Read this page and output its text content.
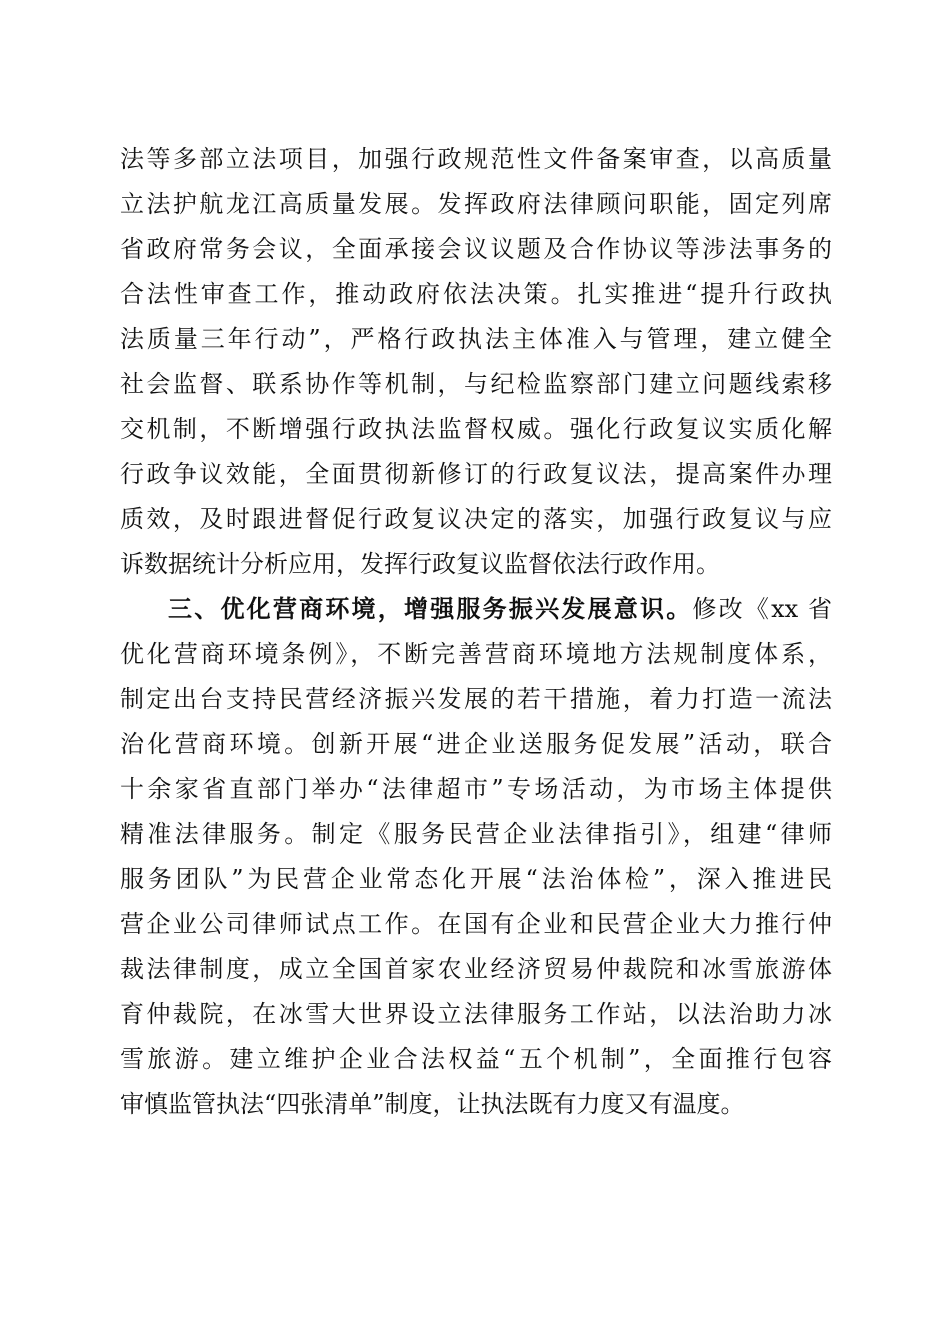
法等多部立法项目，加强行政规范性文件备案审查，以高质量
立法护航龙江高质量发展。发挥政府法律顾问职能，固定列席
省政府常务会议，全面承接会议议题及合作协议等涉法事务的
合法性审查工作，推动政府依法决策。扎实推进“提升行政执
法质量三年行动”，严格行政执法主体准入与管理，建立健全
社会监督、联系协作等机制，与纪检监察部门建立问题线索移
交机制，不断增强行政执法监督权威。强化行政复议实质化解
行政争议效能，全面贯彻新修订的行政复议法，提高案件办理
质效，及时跟进督促行政复议决定的落实，加强行政复议与应
诉数据统计分析应用，发挥行政复议监督依法行政作用。
三、优化营商环境，增强服务振兴发展意识。修改《xx 省
优化营商环境条例》，不断完善营商环境地方法规制度体系，
制定出台支持民营经济振兴发展的若干措施，着力打造一流法
治化营商环境。创新开展“进企业送服务促发展”活动，联合
十余家省直部门举办“法律超市”专场活动，为市场主体提供
精准法律服务。制定《服务民营企业法律指引》，组建“律师
服务团队”为民营企业常态化开展“法治体检”，深入推进民
营企业公司律师试点工作。在国有企业和民营企业大力推行仲
裁法律制度，成立全国首家农业经济贸易仲裁院和冰雪旅游体
育仲裁院，在冰雪大世界设立法律服务工作站，以法治助力冰
雪旅游。建立维护企业合法权益“五个机制”，全面推行包容
审慎监管执法“四张清单”制度，让执法既有力度又有温度。
